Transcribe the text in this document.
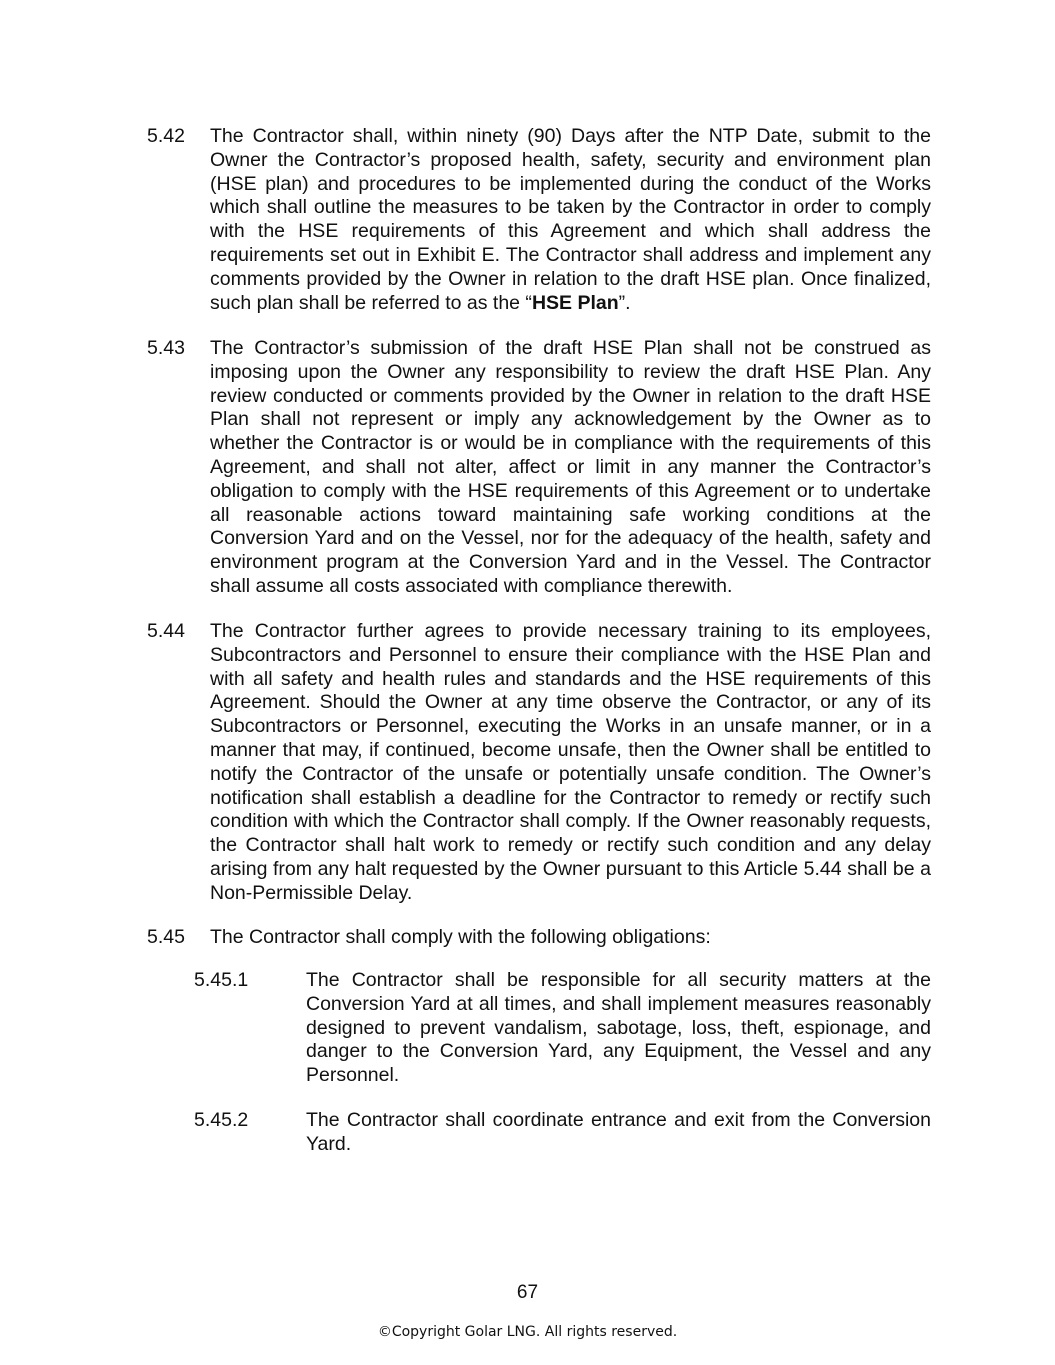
5.42 The Contractor shall, within ninety (90) Days after the NTP Date, submit to the Owner the Contractor’s proposed health, safety, security and environment plan (HSE plan) and procedures to be implemented during the conduct of the Works which shall outline the measures to be taken by the Contractor in order to comply with the HSE requirements of this Agreement and which shall address the requirements set out in Exhibit E. The Contractor shall address and implement any comments provided by the Owner in relation to the draft HSE plan. Once finalized, such plan shall be referred to as the “HSE Plan”.
5.43 The Contractor’s submission of the draft HSE Plan shall not be construed as imposing upon the Owner any responsibility to review the draft HSE Plan. Any review conducted or comments provided by the Owner in relation to the draft HSE Plan shall not represent or imply any acknowledgement by the Owner as to whether the Contractor is or would be in compliance with the requirements of this Agreement, and shall not alter, affect or limit in any manner the Contractor’s obligation to comply with the HSE requirements of this Agreement or to undertake all reasonable actions toward maintaining safe working conditions at the Conversion Yard and on the Vessel, nor for the adequacy of the health, safety and environment program at the Conversion Yard and in the Vessel. The Contractor shall assume all costs associated with compliance therewith.
5.44 The Contractor further agrees to provide necessary training to its employees, Subcontractors and Personnel to ensure their compliance with the HSE Plan and with all safety and health rules and standards and the HSE requirements of this Agreement. Should the Owner at any time observe the Contractor, or any of its Subcontractors or Personnel, executing the Works in an unsafe manner, or in a manner that may, if continued, become unsafe, then the Owner shall be entitled to notify the Contractor of the unsafe or potentially unsafe condition. The Owner’s notification shall establish a deadline for the Contractor to remedy or rectify such condition with which the Contractor shall comply. If the Owner reasonably requests, the Contractor shall halt work to remedy or rectify such condition and any delay arising from any halt requested by the Owner pursuant to this Article 5.44 shall be a Non-Permissible Delay.
5.45 The Contractor shall comply with the following obligations:
5.45.1	The Contractor shall be responsible for all security matters at the Conversion Yard at all times, and shall implement measures reasonably designed to prevent vandalism, sabotage, loss, theft, espionage, and danger to the Conversion Yard, any Equipment, the Vessel and any Personnel.
5.45.2	The Contractor shall coordinate entrance and exit from the Conversion Yard.
67
©Copyright Golar LNG. All rights reserved.
